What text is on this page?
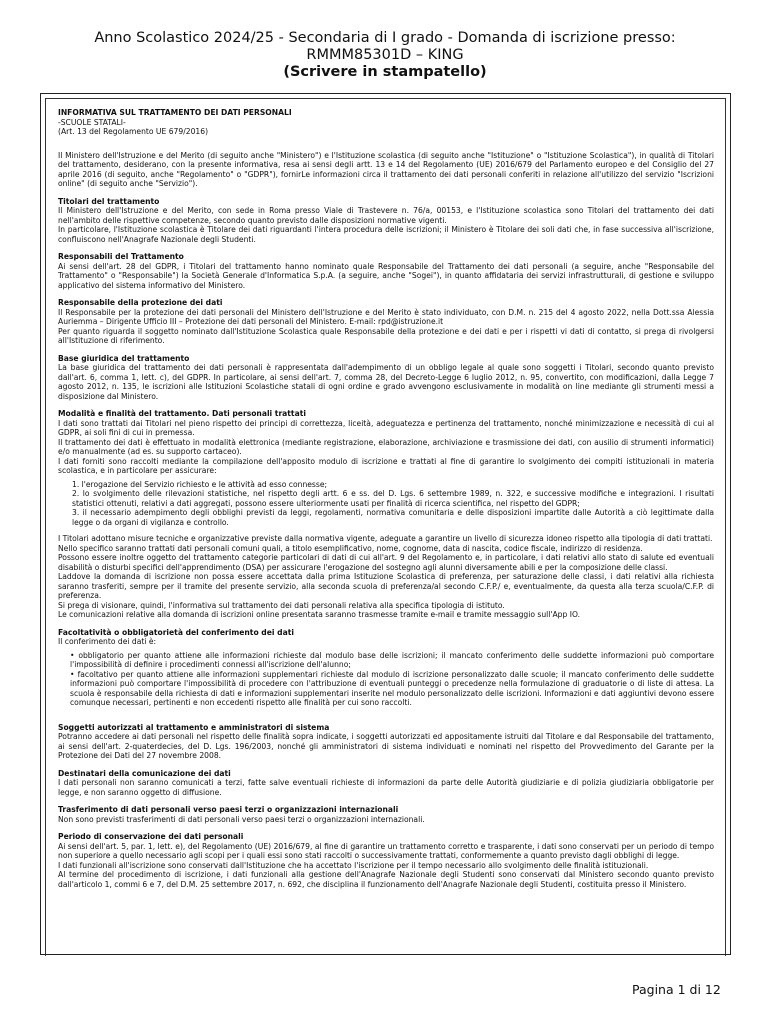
Anno Scolastico 2024/25 - Secondaria di I grado - Domanda di iscrizione presso:
RMMM85301D – KING
(Scrivere in stampatello)

INFORMATIVA SUL TRATTAMENTO DEI DATI PERSONALI

-SCUOLE STATALI-

(Art. 13 del Regolamento UE 679/2016)

Il Ministero dell'Istruzione e del Merito (di seguito anche "Ministero") e l'Istituzione scolastica (di seguito anche "Istituzione" o "Istituzione Scolastica"), in qualità di Titolari del trattamento, desiderano, con la presente informativa, resa ai sensi degli artt. 13 e 14 del Regolamento (UE) 2016/679 del Parlamento europeo e del Consiglio del 27 aprile 2016 (di seguito, anche "Regolamento" o "GDPR"), fornirLe informazioni circa il trattamento dei dati personali conferiti in relazione all'utilizzo del servizio "Iscrizioni online" (di seguito anche "Servizio").

Titolari del trattamento

Il Ministero dell'Istruzione e del Merito, con sede in Roma presso Viale di Trastevere n. 76/a, 00153, e l'Istituzione scolastica sono Titolari del trattamento dei dati nell'ambito delle rispettive competenze, secondo quanto previsto dalle disposizioni normative vigenti.

In particolare, l'Istituzione scolastica è Titolare dei dati riguardanti l'intera procedura delle iscrizioni; il Ministero è Titolare dei soli dati che, in fase successiva all'iscrizione, confluiscono nell'Anagrafe Nazionale degli Studenti.

Responsabili del Trattamento

Ai sensi dell'art. 28 del GDPR, i Titolari del trattamento hanno nominato quale Responsabile del Trattamento dei dati personali (a seguire, anche "Responsabile del Trattamento" o "Responsabile") la Società Generale d'Informatica S.p.A. (a seguire, anche "Sogei"), in quanto affidataria dei servizi infrastrutturali, di gestione e sviluppo applicativo del sistema informativo del Ministero.

Responsabile della protezione dei dati

Il Responsabile per la protezione dei dati personali del Ministero dell'Istruzione e del Merito è stato individuato, con D.M. n. 215 del 4 agosto 2022, nella Dott.ssa Alessia Auriemma – Dirigente Ufficio III – Protezione dei dati personali del Ministero. E-mail: rpd@istruzione.it

Per quanto riguarda il soggetto nominato dall'Istituzione Scolastica quale Responsabile della protezione e dei dati e per i rispetti vi dati di contatto, si prega di rivolgersi all'Istituzione di riferimento.

Base giuridica del trattamento

La base giuridica del trattamento dei dati personali è rappresentata dall'adempimento di un obbligo legale al quale sono soggetti i Titolari, secondo quanto previsto dall'art. 6, comma 1, lett. c), del GDPR. In particolare, ai sensi dell'art. 7, comma 28, del Decreto-Legge 6 luglio 2012, n. 95, convertito, con modificazioni, dalla Legge 7 agosto 2012, n. 135, le iscrizioni alle Istituzioni Scolastiche statali di ogni ordine e grado avvengono esclusivamente in modalità on line mediante gli strumenti messi a disposizione dal Ministero.

Modalità e finalità del trattamento. Dati personali trattati

I dati sono trattati dai Titolari nel pieno rispetto dei principi di correttezza, liceità, adeguatezza e pertinenza del trattamento, nonché minimizzazione e necessità di cui al GDPR, ai soli fini di cui in premessa.

Il trattamento dei dati è effettuato in modalità elettronica (mediante registrazione, elaborazione, archiviazione e trasmissione dei dati, con ausilio di strumenti informatici) e/o manualmente (ad es. su supporto cartaceo).

I dati forniti sono raccolti mediante la compilazione dell'apposito modulo di iscrizione e trattati al fine di garantire lo svolgimento dei compiti istituzionali in materia scolastica, e in particolare per assicurare:

1. l'erogazione del Servizio richiesto e le attività ad esso connesse;

2. lo svolgimento delle rilevazioni statistiche, nel rispetto degli artt. 6 e ss. del D. Lgs. 6 settembre 1989, n. 322, e successive modifiche e integrazioni. I risultati statistici ottenuti, relativi a dati aggregati, possono essere ulteriormente usati per finalità di ricerca scientifica, nel rispetto del GDPR;

3. il necessario adempimento degli obblighi previsti da leggi, regolamenti, normativa comunitaria e delle disposizioni impartite dalle Autorità a ciò legittimate dalla legge o da organi di vigilanza e controllo.

I Titolari adottano misure tecniche e organizzative previste dalla normativa vigente, adeguate a garantire un livello di sicurezza idoneo rispetto alla tipologia di dati trattati.

Nello specifico saranno trattati dati personali comuni quali, a titolo esemplificativo, nome, cognome, data di nascita, codice fiscale, indirizzo di residenza.

Possono essere inoltre oggetto del trattamento categorie particolari di dati di cui all'art. 9 del Regolamento e, in particolare, i dati relativi allo stato di salute ed eventuali disabilità o disturbi specifici dell'apprendimento (DSA) per assicurare l'erogazione del sostegno agli alunni diversamente abili e per la composizione delle classi.

Laddove la domanda di iscrizione non possa essere accettata dalla prima Istituzione Scolastica di preferenza, per saturazione delle classi, i dati relativi alla richiesta saranno trasferiti, sempre per il tramite del presente servizio, alla seconda scuola di preferenza/al secondo C.F.P./ e, eventualmente, da questa alla terza scuola/C.F.P. di preferenza.

Si prega di visionare, quindi, l'informativa sul trattamento dei dati personali relativa alla specifica tipologia di istituto.

Le comunicazioni relative alla domanda di iscrizioni online presentata saranno trasmesse tramite e-mail e tramite messaggio sull'App IO.

Facoltatività o obbligatorietà del conferimento dei dati

Il conferimento dei dati è:

• obbligatorio per quanto attiene alle informazioni richieste dal modulo base delle iscrizioni; il mancato conferimento delle suddette informazioni può comportare l'impossibilità di definire i procedimenti connessi all'iscrizione dell'alunno;

• facoltativo per quanto attiene alle informazioni supplementari richieste dal modulo di iscrizione personalizzato dalle scuole; il mancato conferimento delle suddette informazioni può comportare l'impossibilità di procedere con l'attribuzione di eventuali punteggi o precedenze nella formulazione di graduatorie o di liste di attesa. La scuola è responsabile della richiesta di dati e informazioni supplementari inserite nel modulo personalizzato delle iscrizioni. Informazioni e dati aggiuntivi devono essere comunque necessari, pertinenti e non eccedenti rispetto alle finalità per cui sono raccolti.

Soggetti autorizzati al trattamento e amministratori di sistema

Potranno accedere ai dati personali nel rispetto delle finalità sopra indicate, i soggetti autorizzati ed appositamente istruiti dal Titolare e dal Responsabile del trattamento, ai sensi dell'art. 2-quaterdecies, del D. Lgs. 196/2003, nonché gli amministratori di sistema individuati e nominati nel rispetto del Provvedimento del Garante per la Protezione dei Dati del 27 novembre 2008.

Destinatari della comunicazione dei dati

I dati personali non saranno comunicati a terzi, fatte salve eventuali richieste di informazioni da parte delle Autorità giudiziarie e di polizia giudiziaria obbligatorie per legge, e non saranno oggetto di diffusione.

Trasferimento di dati personali verso paesi terzi o organizzazioni internazionali

Non sono previsti trasferimenti di dati personali verso paesi terzi o organizzazioni internazionali.

Periodo di conservazione dei dati personali

Ai sensi dell'art. 5, par. 1, lett. e), del Regolamento (UE) 2016/679, al fine di garantire un trattamento corretto e trasparente, i dati sono conservati per un periodo di tempo non superiore a quello necessario agli scopi per i quali essi sono stati raccolti o successivamente trattati, conformemente a quanto previsto dagli obblighi di legge.

I dati funzionali all'iscrizione sono conservati dall'Istituzione che ha accettato l'iscrizione per il tempo necessario allo svolgimento delle finalità istituzionali.

Al termine del procedimento di iscrizione, i dati funzionali alla gestione dell'Anagrafe Nazionale degli Studenti sono conservati dal Ministero secondo quanto previsto dall'articolo 1, commi 6 e 7, del D.M. 25 settembre 2017, n. 692, che disciplina il funzionamento dell'Anagrafe Nazionale degli Studenti, costituita presso il Ministero.

Pagina 1 di 12
